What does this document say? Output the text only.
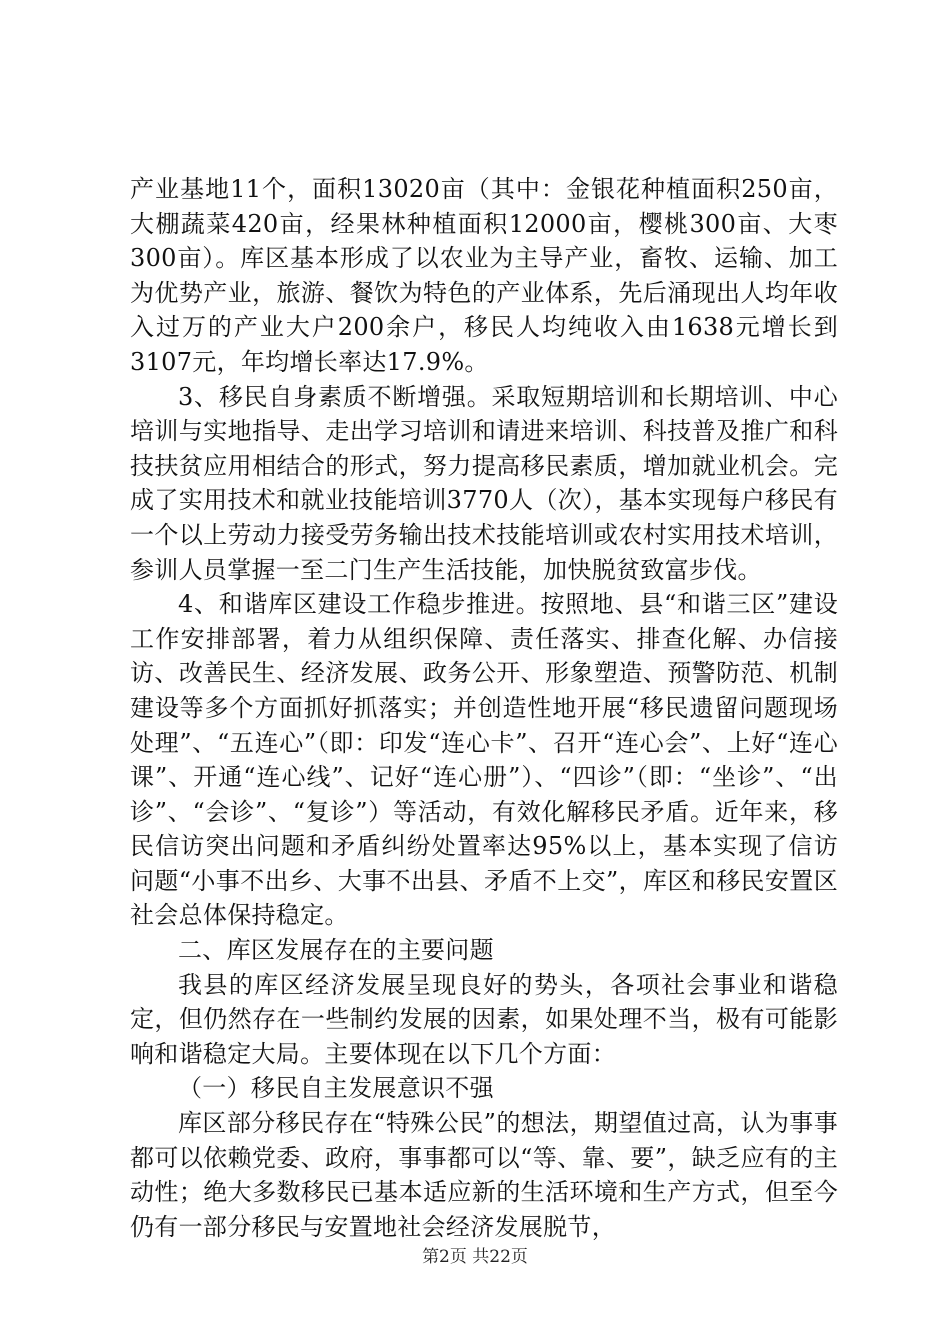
产业基地11个，面积13020亩（其中：金银花种植面积250亩，大棚蔬菜420亩，经果林种植面积12000亩，樱桃300亩、大枣300亩）。库区基本形成了以农业为主导产业，畜牧、运输、加工为优势产业，旅游、餐饮为特色的产业体系，先后涌现出人均年收入过万的产业大户200余户，移民人均纯收入由1638元增长到3107元，年均增长率达17.9%。

3、移民自身素质不断增强。采取短期培训和长期培训、中心培训与实地指导、走出学习培训和请进来培训、科技普及推广和科技扶贫应用相结合的形式，努力提高移民素质，增加就业机会。完成了实用技术和就业技能培训3770人（次），基本实现每户移民有一个以上劳动力接受劳务输出技术技能培训或农村实用技术培训，参训人员掌握一至二门生产生活技能，加快脱贫致富步伐。

4、和谐库区建设工作稳步推进。按照地、县“和谐三区”建设工作安排部署，着力从组织保障、责任落实、排查化解、办信接访、改善民生、经济发展、政务公开、形象塑造、预警防范、机制建设等多个方面抓好抓落实；并创造性地开展“移民遗留问题现场处理”、“五连心”（即：印发“连心卡”、召开“连心会”、上好“连心课”、开通“连心线”、记好“连心册”）、“四诊”（即：“坐诊”、“出诊”、“会诊”、“复诊”）等活动，有效化解移民矛盾。近年来，移民信访突出问题和矛盾纠纷处置率达95%以上，基本实现了信访问题“小事不出乡、大事不出县、矛盾不上交”，库区和移民安置区社会总体保持稳定。

二、库区发展存在的主要问题

我县的库区经济发展呈现良好的势头，各项社会事业和谐稳定，但仍然存在一些制约发展的因素，如果处理不当，极有可能影响和谐稳定大局。主要体现在以下几个方面：

（一）移民自主发展意识不强

库区部分移民存在“特殊公民”的想法，期望值过高，认为事事都可以依赖党委、政府，事事都可以“等、靠、要”，缺乏应有的主动性；绝大多数移民已基本适应新的生活环境和生产方式，但至今仍有一部分移民与安置地社会经济发展脱节，

第2页 共22页
